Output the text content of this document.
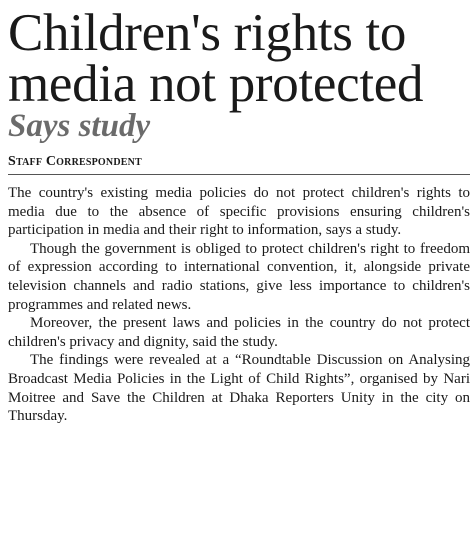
Children's rights to media not protected
Says study
Staff Correspondent

The country's existing media policies do not protect children's rights to media due to the absence of specific provisions ensuring children's participation in media and their right to information, says a study.

Though the government is obliged to protect children's right to freedom of expression according to international convention, it, alongside private television channels and radio stations, give less importance to children's programmes and related news.

Moreover, the present laws and policies in the country do not protect children's privacy and dignity, said the study.

The findings were revealed at a “Roundtable Discussion on Analysing Broadcast Media Policies in the Light of Child Rights”, organised by Nari Moitree and Save the Children at Dhaka Reporters Unity in the city on Thursday.
